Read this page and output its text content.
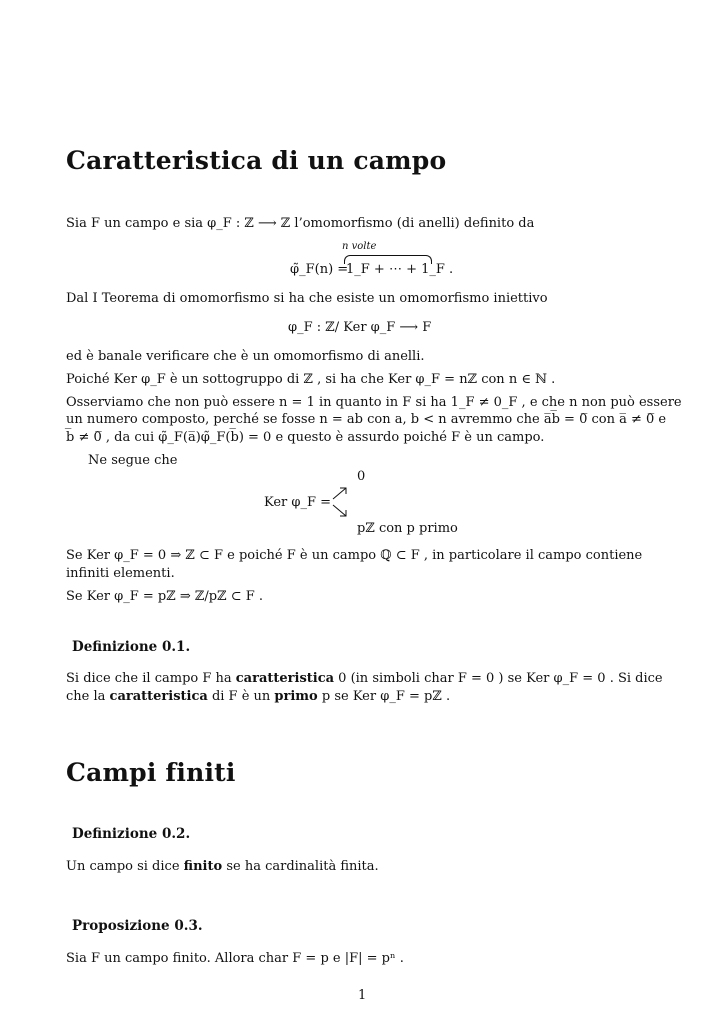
Caratteristica di un campo
Sia F un campo e sia φ_F : ℤ ⟶ ℤ l’omomorfismo (di anelli) definito da
n volte
φ̃_F(n) =
1_F + ⋯ + 1_F .
Dal I Teorema di omomorfismo si ha che esiste un omomorfismo iniettivo
φ_F : ℤ/ Ker φ_F ⟶ F
ed è banale verificare che è un omomorfismo di anelli.
Poiché Ker φ_F è un sottogruppo di ℤ , si ha che Ker φ_F = nℤ con n ∈ ℕ .
Osserviamo che non può essere n = 1 in quanto in F si ha 1_F ≠ 0_F , e che n non può essere
un numero composto, perché se fosse n = ab con a, b < n avremmo che a̅b̅ = 0̅ con a̅ ≠ 0̅ e
b̅ ≠ 0̅ , da cui φ̃_F(a̅)φ̃_F(b̅) = 0 e questo è assurdo poiché F è un campo.
Ne segue che
Ker φ_F =
0
pℤ con p primo
Se Ker φ_F = 0 ⇒ ℤ ⊂ F e poiché F è un campo ℚ ⊂ F , in particolare il campo contiene
infiniti elementi.
Se Ker φ_F = pℤ ⇒ ℤ/pℤ ⊂ F .
Definizione 0.1.
Si dice che il campo F ha caratteristica 0 (in simboli char F = 0 ) se Ker φ_F = 0 . Si dice
che la caratteristica di F è un primo p se Ker φ_F = pℤ .
Campi finiti
Definizione 0.2.
Un campo si dice finito se ha cardinalità finita.
Proposizione 0.3.
Sia F un campo finito. Allora char F = p e |F| = pⁿ .
1
